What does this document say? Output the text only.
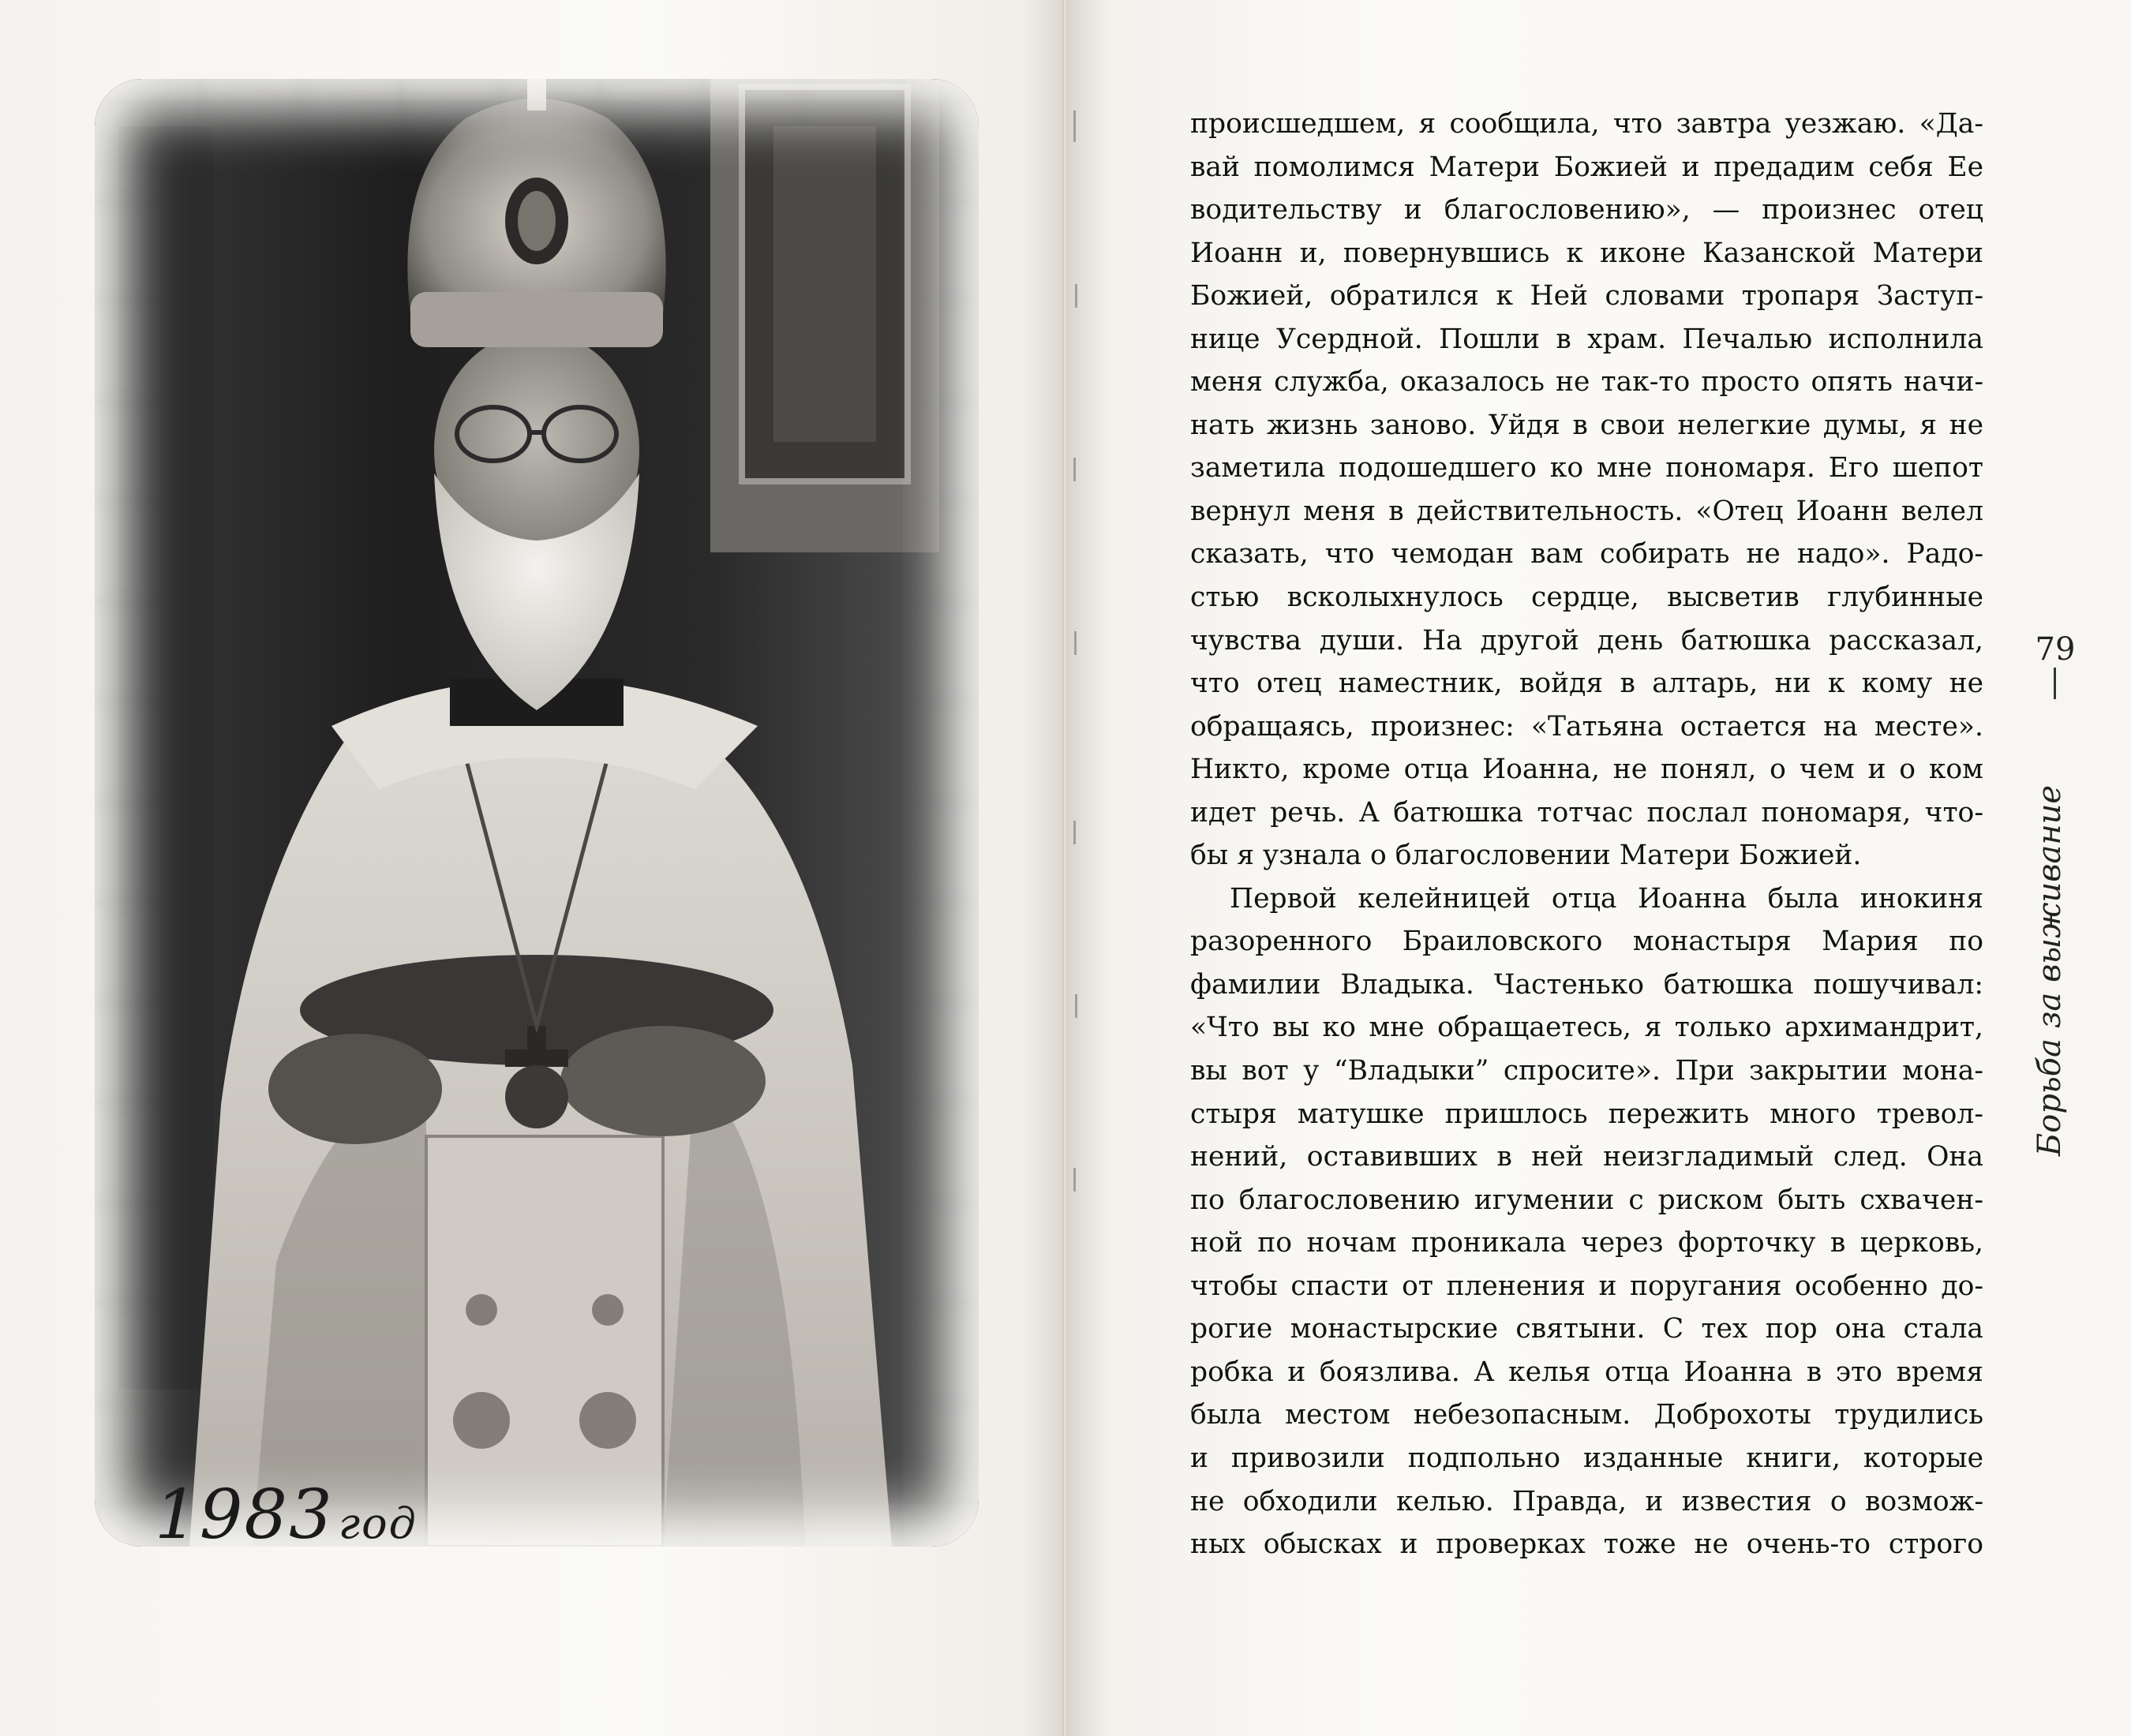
1983 год

происшедшем, я сообщила, что завтра уезжаю. «Да-
вай помолимся Матери Божией и предадим себя Ее
водительству и благословению», — произнес отец
Иоанн и, повернувшись к иконе Казанской Матери
Божией, обратился к Ней словами тропаря Заступ-
нице Усердной. Пошли в храм. Печалью исполнила
меня служба, оказалось не так-то просто опять начи-
нать жизнь заново. Уйдя в свои нелегкие думы, я не
заметила подошедшего ко мне пономаря. Его шепот
вернул меня в действительность. «Отец Иоанн велел
сказать, что чемодан вам собирать не надо». Радо-
стью всколыхнулось сердце, высветив глубинные
чувства души. На другой день батюшка рассказал,
что отец наместник, войдя в алтарь, ни к кому не
обращаясь, произнес: «Татьяна остается на месте».
Никто, кроме отца Иоанна, не понял, о чем и о ком
идет речь. А батюшка тотчас послал пономаря, что-
бы я узнала о благословении Матери Божией.

Первой келейницей отца Иоанна была инокиня
разоренного Браиловского монастыря Мария по
фамилии Владыка. Частенько батюшка пошучивал:
«Что вы ко мне обращаетесь, я только архимандрит,
вы вот у “Владыки” спросите». При закрытии мона-
стыря матушке пришлось пережить много тревол-
нений, оставивших в ней неизгладимый след. Она
по благословению игумении с риском быть схвачен-
ной по ночам проникала через форточку в церковь,
чтобы спасти от пленения и поругания особенно до-
рогие монастырские святыни. С тех пор она стала
робка и боязлива. А келья отца Иоанна в это время
была местом небезопасным. Доброхоты трудились
и привозили подпольно изданные книги, которые
не обходили келью. Правда, и известия о возмож-
ных обысках и проверках тоже не очень-то строго

79
Борьба за выживание
